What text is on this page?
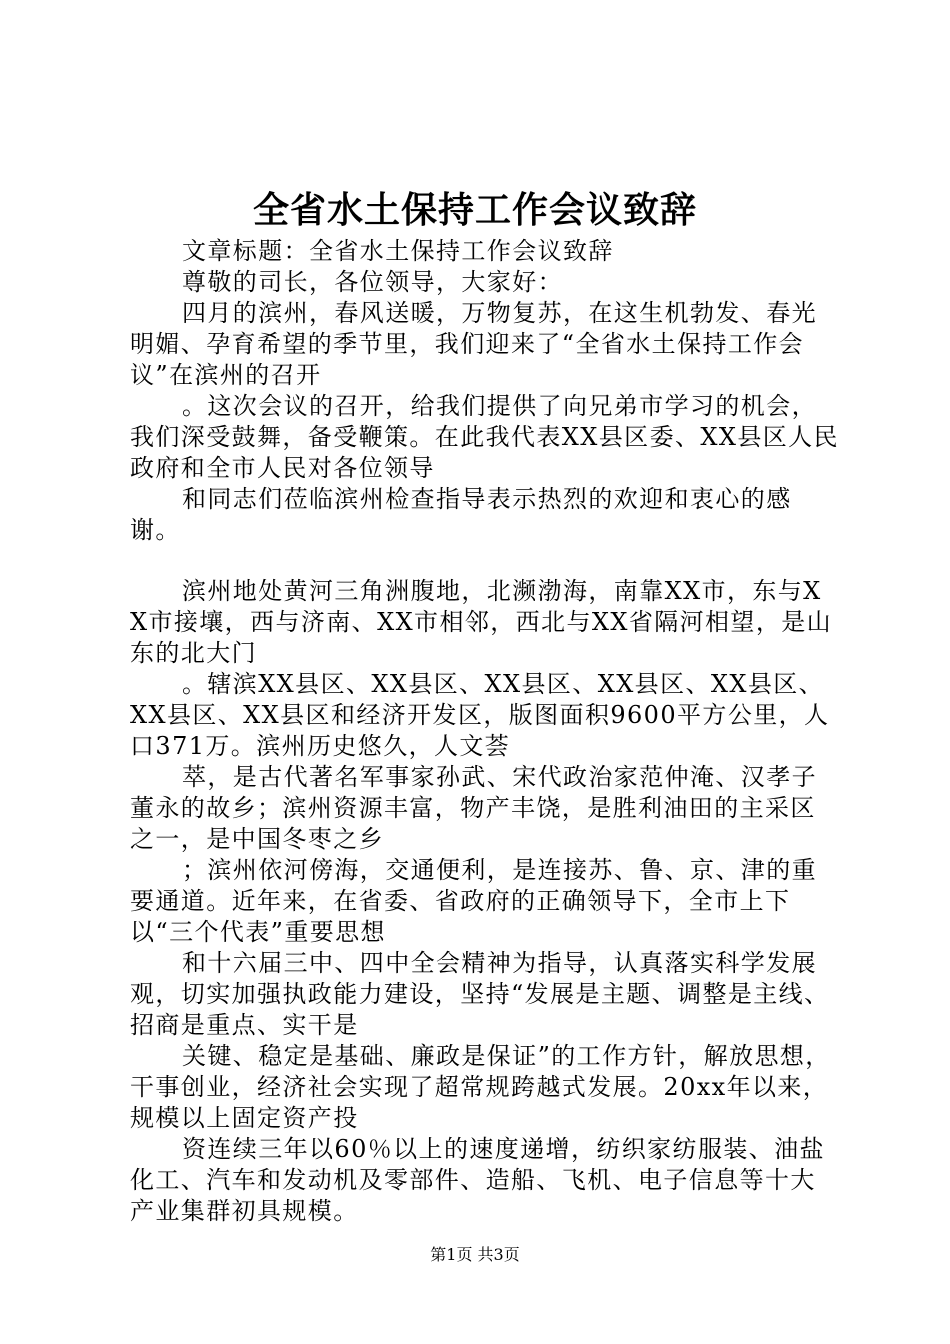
全省水土保持工作会议致辞

文章标题：全省水土保持工作会议致辞

尊敬的司长，各位领导，大家好：

四月的滨州，春风送暖，万物复苏，在这生机勃发、春光明媚、孕育希望的季节里，我们迎来了“全省水土保持工作会议”在滨州的召开

。这次会议的召开，给我们提供了向兄弟市学习的机会，我们深受鼓舞，备受鞭策。在此我代表XX县区委、XX县区人民政府和全市人民对各位领导

和同志们莅临滨州检查指导表示热烈的欢迎和衷心的感谢。

滨州地处黄河三角洲腹地，北濒渤海，南靠XX市，东与XX市接壤，西与济南、XX市相邻，西北与XX省隔河相望，是山东的北大门

。辖滨XX县区、XX县区、XX县区、XX县区、XX县区、XX县区、XX县区和经济开发区，版图面积9600平方公里，人口371万。滨州历史悠久，人文荟

萃，是古代著名军事家孙武、宋代政治家范仲淹、汉孝子董永的故乡；滨州资源丰富，物产丰饶，是胜利油田的主采区之一，是中国冬枣之乡

；滨州依河傍海，交通便利，是连接苏、鲁、京、津的重要通道。近年来，在省委、省政府的正确领导下，全市上下以“三个代表”重要思想

和十六届三中、四中全会精神为指导，认真落实科学发展观，切实加强执政能力建设，坚持“发展是主题、调整是主线、招商是重点、实干是

关键、稳定是基础、廉政是保证”的工作方针，解放思想，干事创业，经济社会实现了超常规跨越式发展。20xx年以来，规模以上固定资产投

资连续三年以60％以上的速度递增，纺织家纺服装、油盐化工、汽车和发动机及零部件、造船、飞机、电子信息等十大产业集群初具规模。

第1页 共3页
